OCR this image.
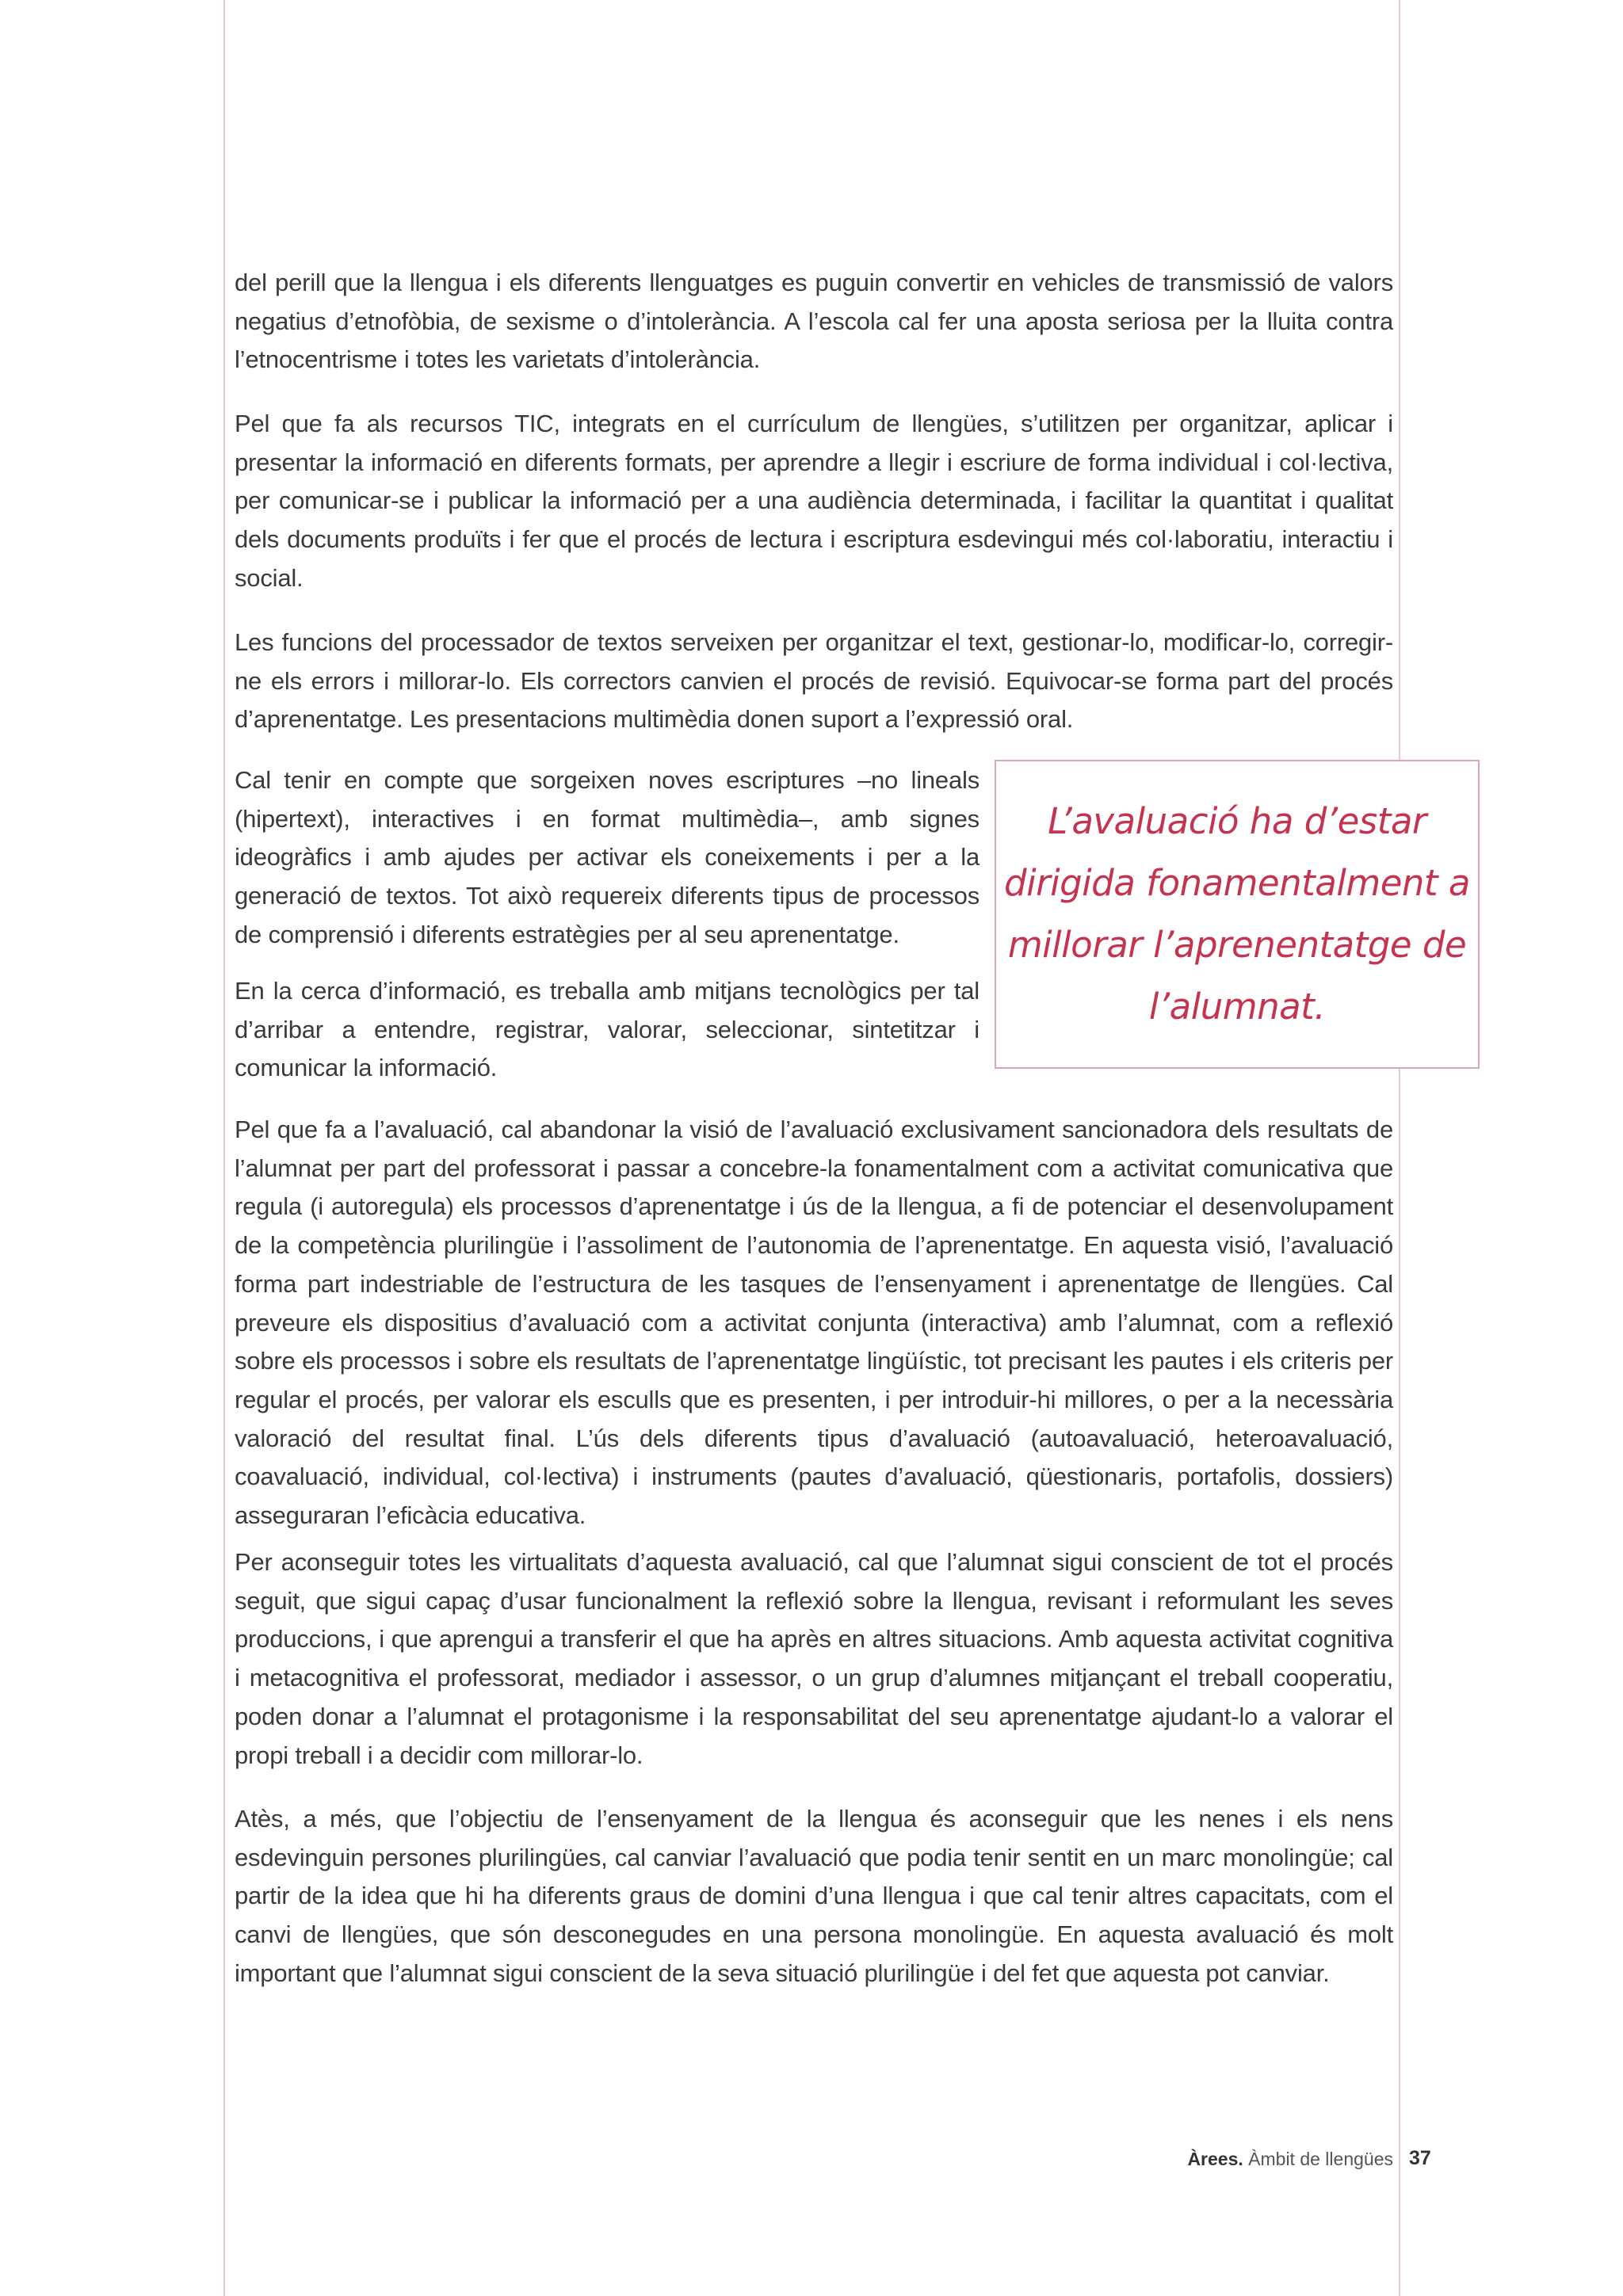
del perill que la llengua i els diferents llenguatges es puguin convertir en vehicles de transmissió de valors negatius d’etnofòbia, de sexisme o d’intolerància. A l’escola cal fer una aposta seriosa per la lluita contra l’etnocentrisme i totes les varietats d’intolerància.

Pel que fa als recursos TIC, integrats en el currículum de llengües, s’utilitzen per organitzar, aplicar i presentar la informació en diferents formats, per aprendre a llegir i escriure de forma individual i col·lectiva, per comunicar-se i publicar la informació per a una audiència determinada, i facilitar la quantitat i qualitat dels documents produïts i fer que el procés de lectura i escriptura esdevingui més col·laboratiu, interactiu i social.

Les funcions del processador de textos serveixen per organitzar el text, gestionar-lo, modificar-lo, corregir-ne els errors i millorar-lo. Els correctors canvien el procés de revisió. Equivocar-se forma part del procés d’aprenentatge. Les presentacions multimèdia donen suport a l’expressió oral.

Cal tenir en compte que sorgeixen noves escriptures –no lineals (hipertext), interactives i en format multimèdia–, amb signes ideogràfics i amb ajudes per activar els coneixements i per a la generació de textos. Tot això requereix diferents tipus de processos de comprensió i diferents estratègies per al seu aprenentatge.

En la cerca d’informació, es treballa amb mitjans tecnològics per tal d’arribar a entendre, registrar, valorar, seleccionar, sintetitzar i comunicar la informació.

L’avaluació ha d’estar dirigida fonamentalment a millorar l’aprenentatge de l’alumnat.

Pel que fa a l’avaluació, cal abandonar la visió de l’avaluació exclusivament sancionadora dels resultats de l’alumnat per part del professorat i passar a concebre-la fonamentalment com a activitat comunicativa que regula (i autoregula) els processos d’aprenentatge i ús de la llengua, a fi de potenciar el desenvolupament de la competència plurilingüe i l’assoliment de l’autonomia de l’aprenentatge. En aquesta visió, l’avaluació forma part indestriable de l’estructura de les tasques de l’ensenyament i aprenentatge de llengües. Cal preveure els dispositius d’avaluació com a activitat conjunta (interactiva) amb l’alumnat, com a reflexió sobre els processos i sobre els resultats de l’aprenentatge lingüístic, tot precisant les pautes i els criteris per regular el procés, per valorar els esculls que es presenten, i per introduir-hi millores, o per a la necessària valoració del resultat final. L’ús dels diferents tipus d’avaluació (autoavaluació, heteroavaluació, coavaluació, individual, col·lectiva) i instruments (pautes d’avaluació, qüestionaris, portafolis, dossiers) asseguraran l’eficàcia educativa.

Per aconseguir totes les virtualitats d’aquesta avaluació, cal que l’alumnat sigui conscient de tot el procés seguit, que sigui capaç d’usar funcionalment la reflexió sobre la llengua, revisant i reformulant les seves produccions, i que aprengui a transferir el que ha après en altres situacions. Amb aquesta activitat cognitiva i metacognitiva el professorat, mediador i assessor, o un grup d’alumnes mitjançant el treball cooperatiu, poden donar a l’alumnat el protagonisme i la responsabilitat del seu aprenentatge ajudant-lo a valorar el propi treball i a decidir com millorar-lo.

Atès, a més, que l’objectiu de l’ensenyament de la llengua és aconseguir que les nenes i els nens esdevinguin persones plurilingües, cal canviar l’avaluació que podia tenir sentit en un marc monolingüe; cal partir de la idea que hi ha diferents graus de domini d’una llengua i que cal tenir altres capacitats, com el canvi de llengües, que són desconegudes en una persona monolingüe. En aquesta avaluació és molt important que l’alumnat sigui conscient de la seva situació plurilingüe i del fet que aquesta pot canviar.

Àrees. Àmbit de llengües 37
